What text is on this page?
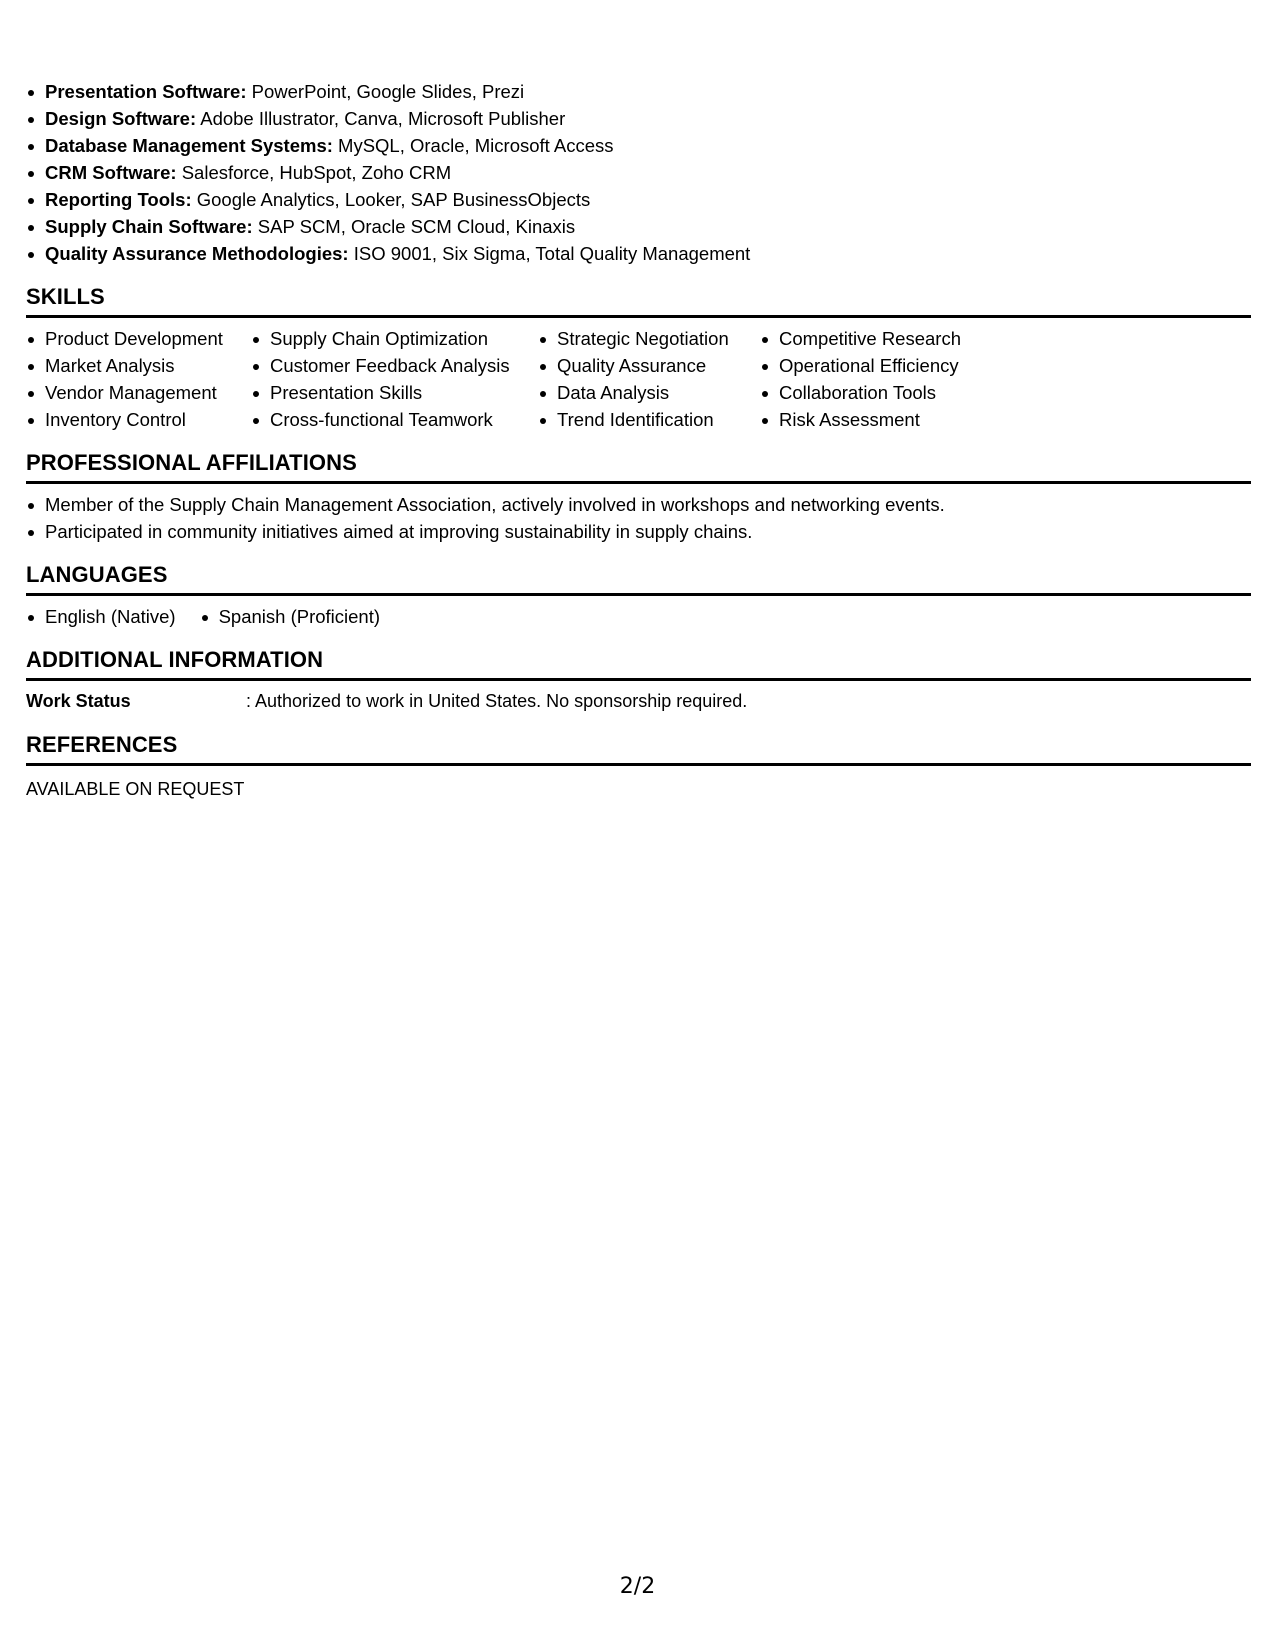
Presentation Software: PowerPoint, Google Slides, Prezi
Design Software: Adobe Illustrator, Canva, Microsoft Publisher
Database Management Systems: MySQL, Oracle, Microsoft Access
CRM Software: Salesforce, HubSpot, Zoho CRM
Reporting Tools: Google Analytics, Looker, SAP BusinessObjects
Supply Chain Software: SAP SCM, Oracle SCM Cloud, Kinaxis
Quality Assurance Methodologies: ISO 9001, Six Sigma, Total Quality Management
SKILLS
Product Development
Market Analysis
Vendor Management
Inventory Control
Supply Chain Optimization
Customer Feedback Analysis
Presentation Skills
Cross-functional Teamwork
Strategic Negotiation
Quality Assurance
Data Analysis
Trend Identification
Competitive Research
Operational Efficiency
Collaboration Tools
Risk Assessment
PROFESSIONAL AFFILIATIONS
Member of the Supply Chain Management Association, actively involved in workshops and networking events.
Participated in community initiatives aimed at improving sustainability in supply chains.
LANGUAGES
English (Native)	Spanish (Proficient)
ADDITIONAL INFORMATION
Work Status	: Authorized to work in United States. No sponsorship required.
REFERENCES
AVAILABLE ON REQUEST
2/2
